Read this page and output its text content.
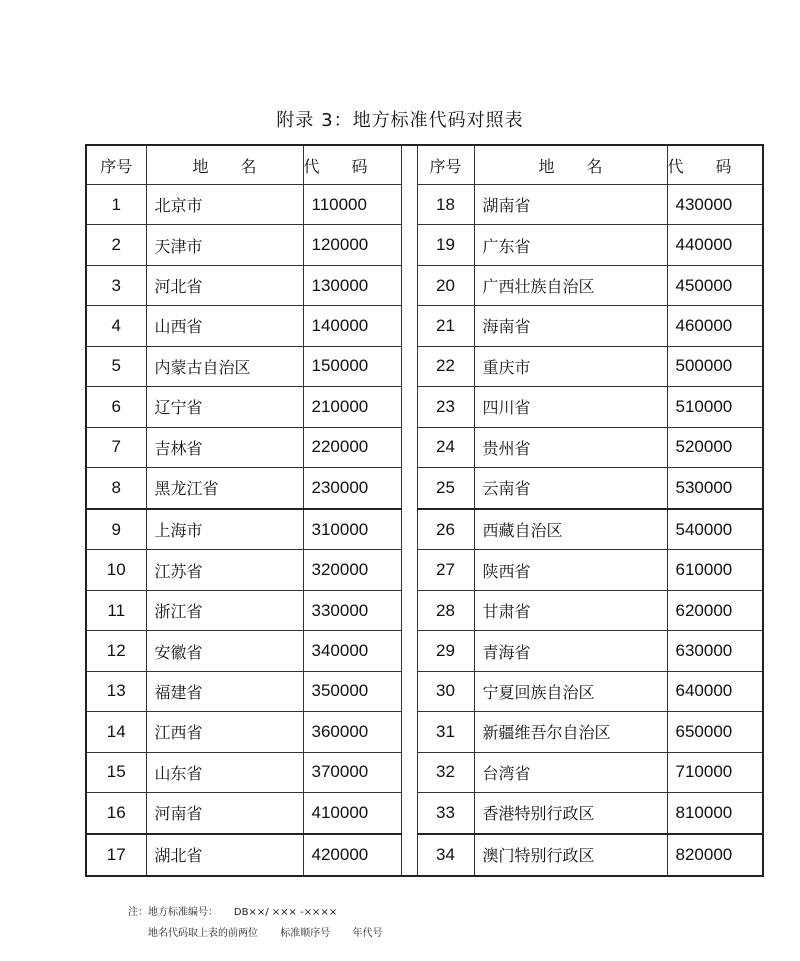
附录 3：地方标准代码对照表
序号	地　　名	代　　码		序号	地　　名	代　　码
1	北京市	110000		18	湖南省	430000
2	天津市	120000		19	广东省	440000
3	河北省	130000		20	广西壮族自治区	450000
4	山西省	140000		21	海南省	460000
5	内蒙古自治区	150000		22	重庆市	500000
6	辽宁省	210000		23	四川省	510000
7	吉林省	220000		24	贵州省	520000
8	黑龙江省	230000		25	云南省	530000
9	上海市	310000		26	西藏自治区	540000
10	江苏省	320000		27	陕西省	610000
11	浙江省	330000		28	甘肃省	620000
12	安徽省	340000		29	青海省	630000
13	福建省	350000		30	宁夏回族自治区	640000
14	江西省	360000		31	新疆维吾尔自治区	650000
15	山东省	370000		32	台湾省	710000
16	河南省	410000		33	香港特别行政区	810000
17	湖北省	420000		34	澳门特别行政区	820000
注：地方标准编号：     DB××/ ××× -××××
地名代码取上表的前两位       标准顺序号       年代号
